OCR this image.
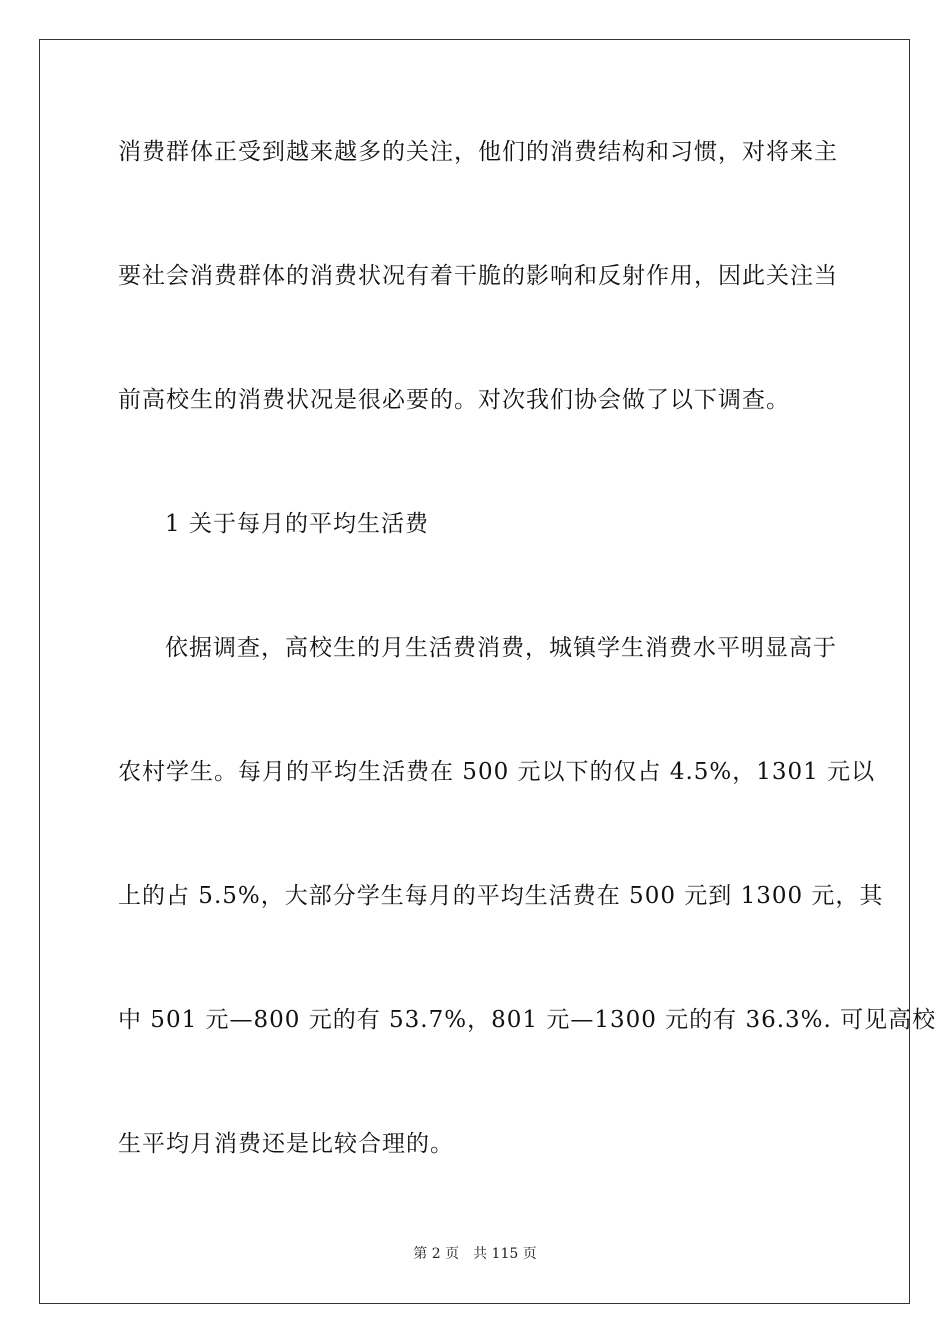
消费群体正受到越来越多的关注，他们的消费结构和习惯，对将来主
要社会消费群体的消费状况有着干脆的影响和反射作用，因此关注当
前高校生的消费状况是很必要的。对次我们协会做了以下调查。
1 关于每月的平均生活费
依据调查，高校生的月生活费消费，城镇学生消费水平明显高于
农村学生。每月的平均生活费在 500 元以下的仅占 4.5%，1301 元以
上的占 5.5%，大部分学生每月的平均生活费在 500 元到 1300 元，其
中 501 元—800 元的有 53.7%，801 元—1300 元的有 36.3%. 可见高校
生平均月消费还是比较合理的。
第 2 页　共 115 页
